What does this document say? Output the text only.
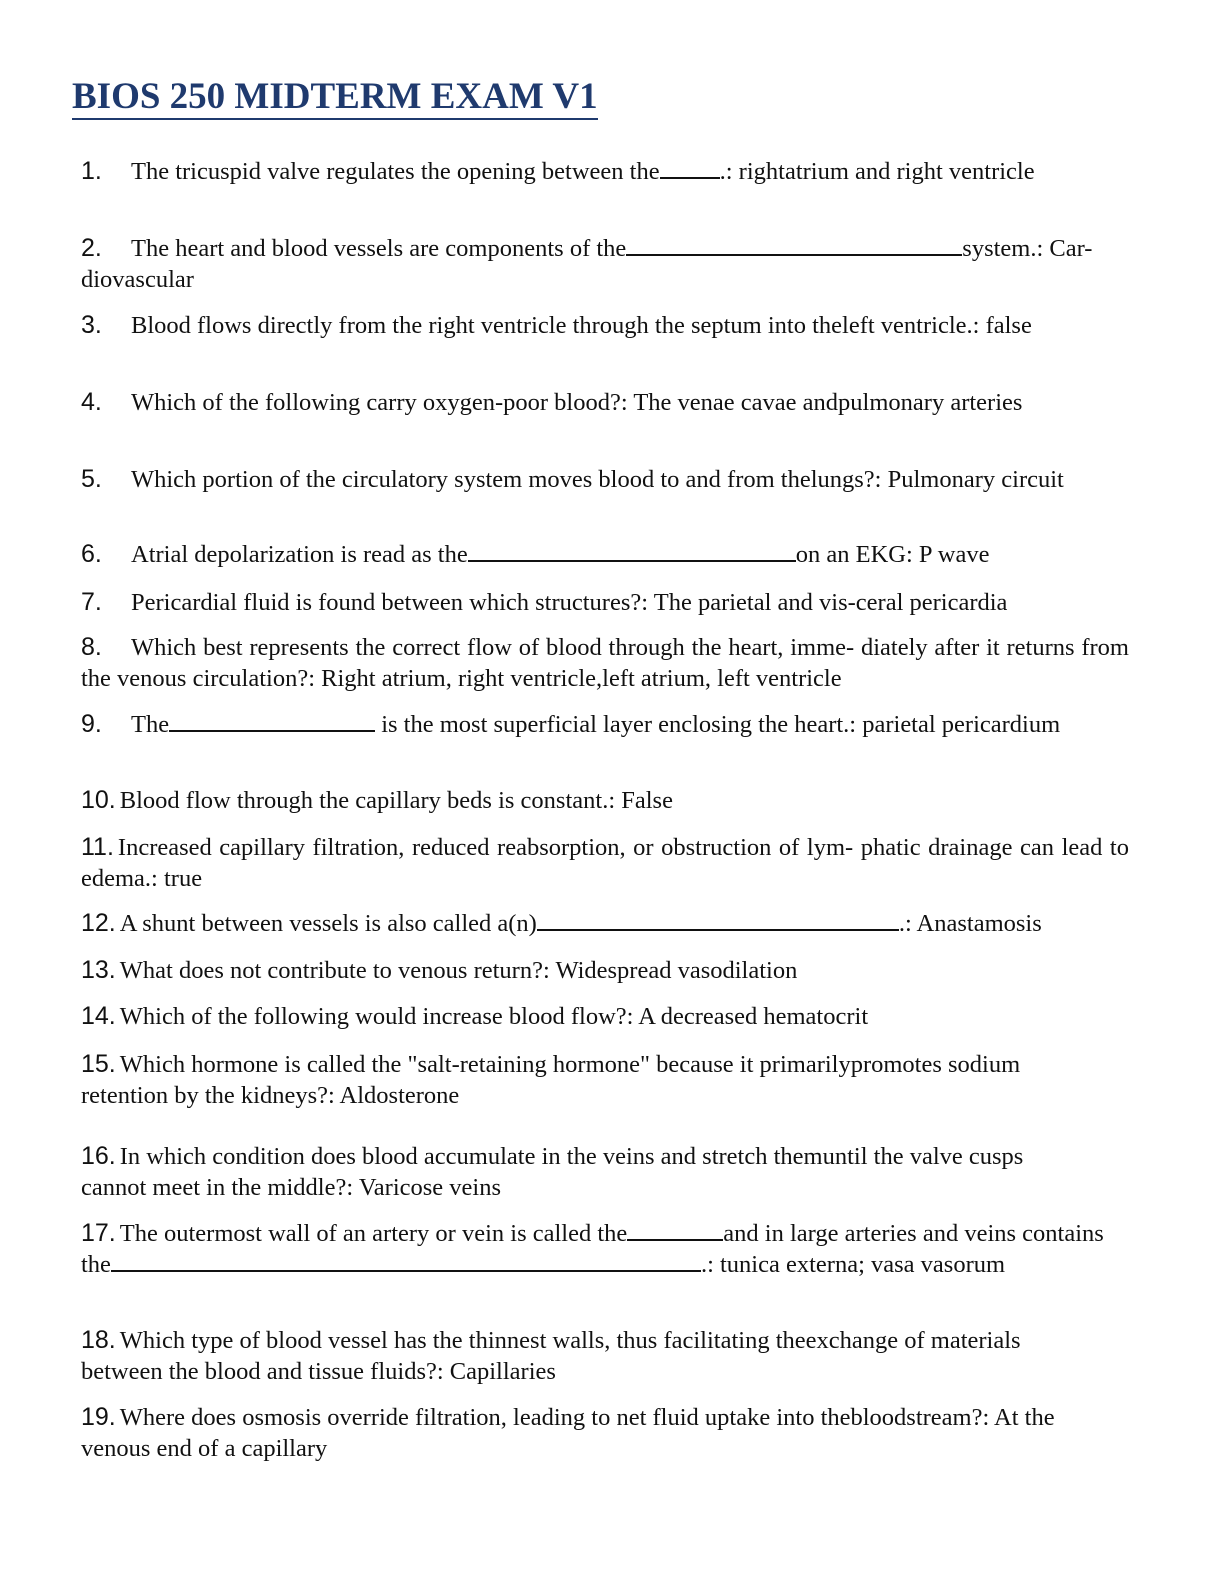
BIOS 250 MIDTERM EXAM V1
1. The tricuspid valve regulates the opening between the .: rightatrium and right ventricle
2. The heart and blood vessels are components of the	system.: Car-diovascular
3. Blood flows directly from the right ventricle through the septum into theleft ventricle.: false
4. Which of the following carry oxygen-poor blood?: The venae cavae andpulmonary arteries
5. Which portion of the circulatory system moves blood to and from thelungs?: Pulmonary circuit
6. Atrial depolarization is read as the	on an EKG: P wave
7. Pericardial fluid is found between which structures?: The parietal and vis-ceral pericardia
8. Which best represents the correct flow of blood through the heart, imme- diately after it returns from the venous circulation?: Right atrium, right ventricle,left atrium, left ventricle
9. The	is the most superficial layer enclosing the heart.: parietal pericardium
10. Blood flow through the capillary beds is constant.: False
11. Increased capillary filtration, reduced reabsorption, or obstruction of lym- phatic drainage can lead to edema.: true
12. A shunt between vessels is also called a(n)	.: Anastamosis
13. What does not contribute to venous return?: Widespread vasodilation
14. Which of the following would increase blood flow?: A decreased hematocrit
15. Which hormone is called the "salt-retaining hormone" because it primarilypromotes sodium retention by the kidneys?: Aldosterone
16. In which condition does blood accumulate in the veins and stretch themuntil the valve cusps cannot meet in the middle?: Varicose veins
17. The outermost wall of an artery or vein is called the	and in large arteries and veins contains the	.: tunica externa; vasa vasorum
18. Which type of blood vessel has the thinnest walls, thus facilitating theexchange of materials between the blood and tissue fluids?: Capillaries
19. Where does osmosis override filtration, leading to net fluid uptake into thebloodstream?: At the venous end of a capillary
